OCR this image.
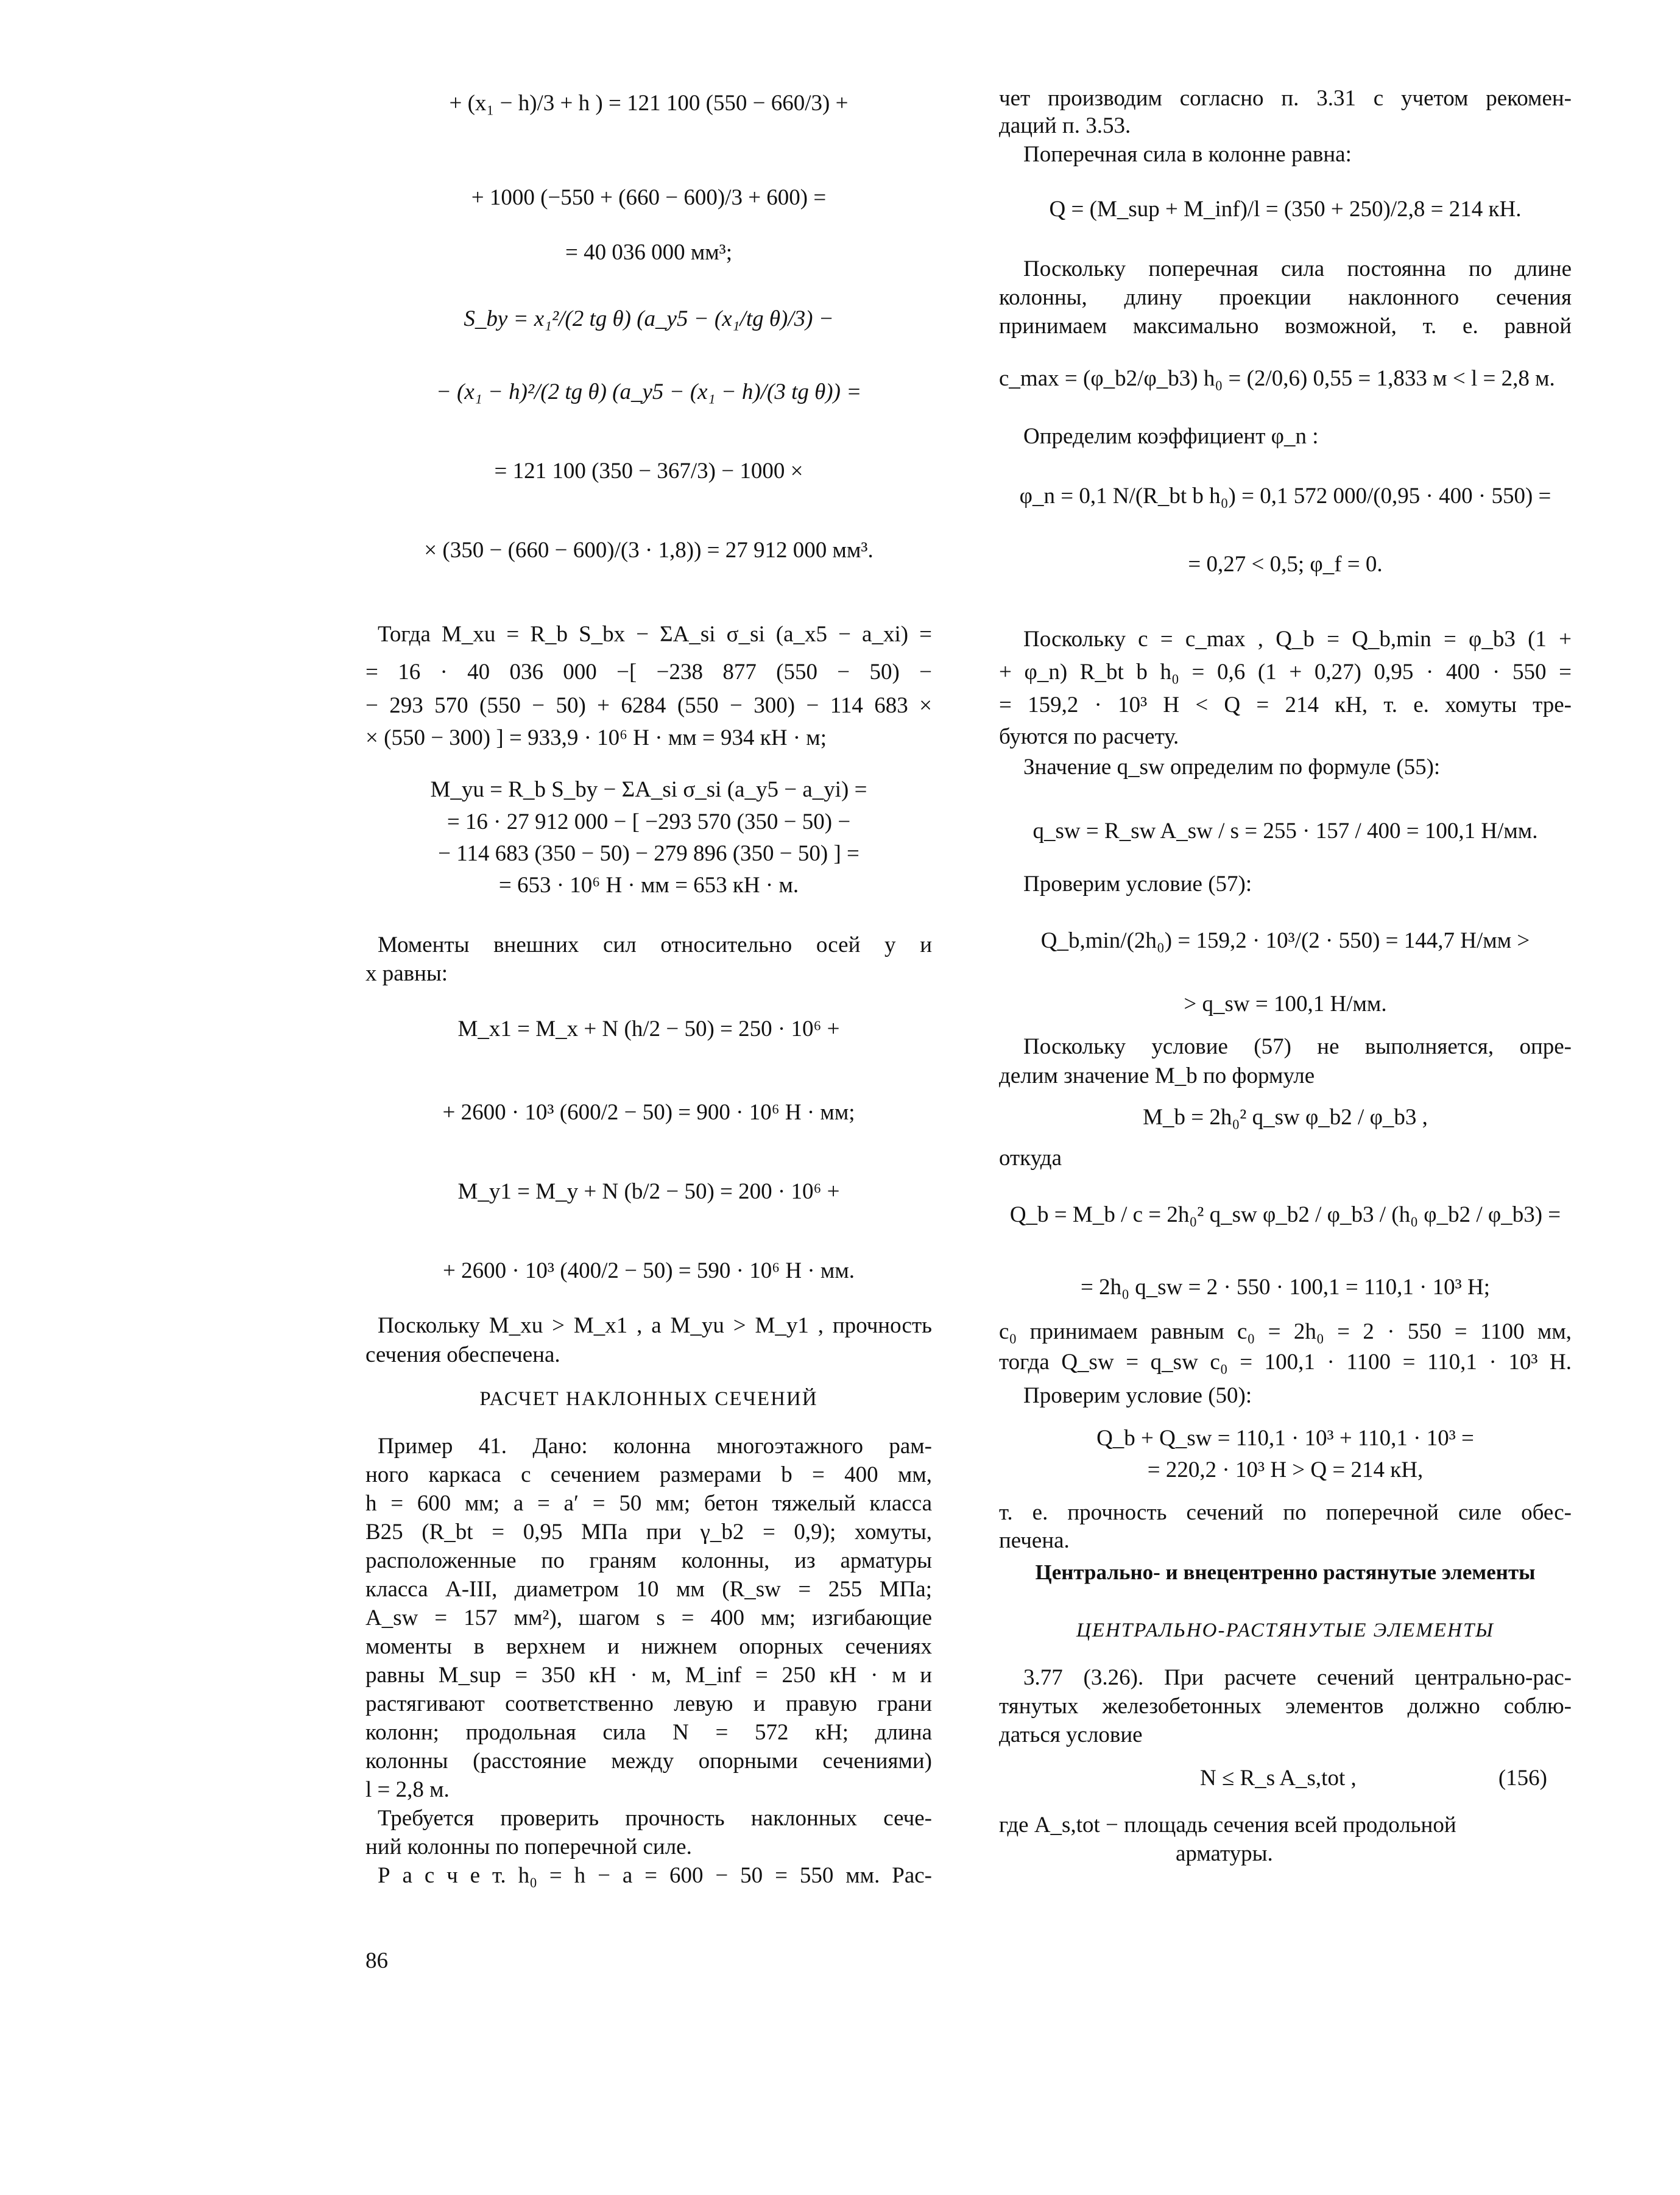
+ (x₁ − h)/3 + h ) = 121 100 (550 − 660/3) +
+ 1000 (−550 + (660 − 600)/3 + 600) =
= 40 036 000 мм³;
S_by = x₁²/(2 tg θ) (a_y5 − (x₁/tg θ)/3) −
− (x₁ − h)²/(2 tg θ) (a_y5 − (x₁ − h)/(3 tg θ)) =
= 121 100 (350 − 367/3) − 1000 ×
× (350 − (660 − 600)/(3 · 1,8)) = 27 912 000 мм³.
Тогда M_xu = R_b S_bx − ΣA_si σ_si (a_x5 − a_xi) =
= 16 · 40 036 000 −[ −238 877 (550 − 50) −
− 293 570 (550 − 50) + 6284 (550 − 300) − 114 683 ×
× (550 − 300) ] = 933,9 · 10⁶ Н · мм = 934 кН · м;
M_yu = R_b S_by − ΣA_si σ_si (a_y5 − a_yi) =
= 16 · 27 912 000 − [ −293 570 (350 − 50) −
− 114 683 (350 − 50) − 279 896 (350 − 50) ] =
= 653 · 10⁶ Н · мм = 653 кН · м.
Моменты внешних сил относительно осей y и
x равны:
M_x1 = M_x + N (h/2 − 50) = 250 · 10⁶ +
+ 2600 · 10³ (600/2 − 50) = 900 · 10⁶ Н · мм;
M_y1 = M_y + N (b/2 − 50) = 200 · 10⁶ +
+ 2600 · 10³ (400/2 − 50) = 590 · 10⁶ Н · мм.
Поскольку M_xu > M_x1 , а M_yu > M_y1 , прочность
сечения обеспечена.
РАСЧЕТ НАКЛОННЫХ СЕЧЕНИЙ
Пример 41. Дано: колонна многоэтажного рам-
ного каркаса с сечением размерами b = 400 мм,
h = 600 мм; a = a′ = 50 мм; бетон тяжелый класса
В25 (R_bt = 0,95 МПа при γ_b2 = 0,9); хомуты,
расположенные по граням колонны, из арматуры
класса А-III, диаметром 10 мм (R_sw = 255 МПа;
A_sw = 157 мм²), шагом s = 400 мм; изгибающие
моменты в верхнем и нижнем опорных сечениях
равны M_sup = 350 кН · м, M_inf = 250 кН · м и
растягивают соответственно левую и правую грани
колонн; продольная сила N = 572 кН; длина
колонны (расстояние между опорными сечениями)
l = 2,8 м.
Требуется проверить прочность наклонных сече-
ний колонны по поперечной силе.
Р а с ч е т. h₀ = h − a = 600 − 50 = 550 мм. Рас-
86
чет производим согласно п. 3.31 с учетом рекомен-
даций п. 3.53.
Поперечная сила в колонне равна:
Q = (M_sup + M_inf)/l = (350 + 250)/2,8 = 214 кН.
Поскольку поперечная сила постоянна по длине
колонны, длину проекции наклонного сечения
принимаем максимально возможной, т. е. равной
c_max = (φ_b2/φ_b3) h₀ = (2/0,6) 0,55 = 1,833 м < l = 2,8 м.
Определим коэффициент φ_n :
φ_n = 0,1 N/(R_bt b h₀) = 0,1 572 000/(0,95 · 400 · 550) =
= 0,27 < 0,5; φ_f = 0.
Поскольку c = c_max , Q_b = Q_b,min = φ_b3 (1 +
+ φ_n) R_bt b h₀ = 0,6 (1 + 0,27) 0,95 · 400 · 550 =
= 159,2 · 10³ Н < Q = 214 кН, т. е. хомуты тре-
буются по расчету.
Значение q_sw определим по формуле (55):
q_sw = R_sw A_sw / s = 255 · 157 / 400 = 100,1 Н/мм.
Проверим условие (57):
Q_b,min/(2h₀) = 159,2 · 10³/(2 · 550) = 144,7 Н/мм >
> q_sw = 100,1 Н/мм.
Поскольку условие (57) не выполняется, опре-
делим значение M_b по формуле
M_b = 2h₀² q_sw φ_b2 / φ_b3 ,
откуда
Q_b = M_b / c = 2h₀² q_sw φ_b2 / φ_b3 / (h₀ φ_b2 / φ_b3) =
= 2h₀ q_sw = 2 · 550 · 100,1 = 110,1 · 10³ Н;
c₀ принимаем равным c₀ = 2h₀ = 2 · 550 = 1100 мм,
тогда Q_sw = q_sw c₀ = 100,1 · 1100 = 110,1 · 10³ Н.
Проверим условие (50):
Q_b + Q_sw = 110,1 · 10³ + 110,1 · 10³ =
= 220,2 · 10³ Н > Q = 214 кН,
т. е. прочность сечений по поперечной силе обес-
печена.
Центрально- и внецентренно растянутые элементы
ЦЕНТРАЛЬНО-РАСТЯНУТЫЕ ЭЛЕМЕНТЫ
3.77 (3.26). При расчете сечений центрально-рас-
тянутых железобетонных элементов должно соблю-
даться условие
N ≤ R_s A_s,tot ,	(156)
где A_s,tot − площадь сечения всей продольной
арматуры.
